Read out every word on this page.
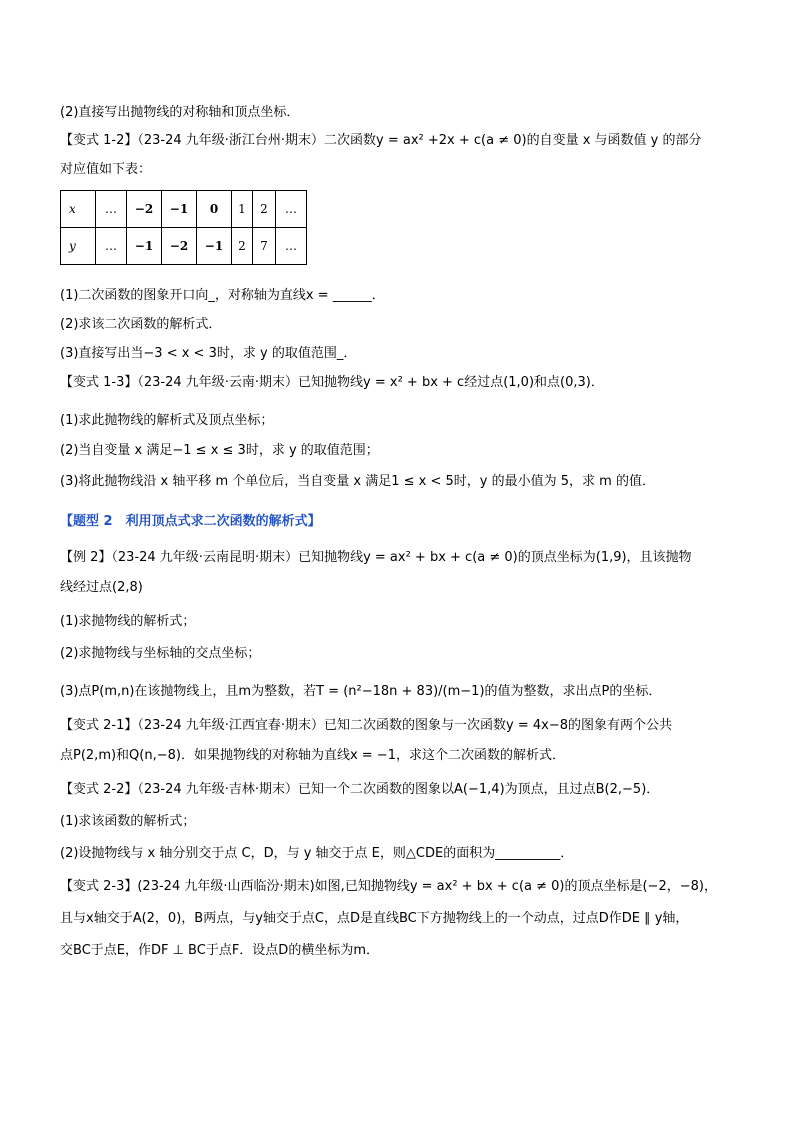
(2)直接写出抛物线的对称轴和顶点坐标．
【变式 1-2】（23-24 九年级·浙江台州·期末）二次函数y = ax² +2x + c(a ≠ 0)的自变量 x 与函数值 y 的部分
对应值如下表：
x	…	−2	−1	0	1	2	…
y	…	−1	−2	−1	2	7	…
(1)二次函数的图象开口向_，对称轴为直线x = ______．
(2)求该二次函数的解析式．
(3)直接写出当−3 < x < 3时，求 y 的取值范围_．
【变式 1-3】（23-24 九年级·云南·期末）已知抛物线y = x² + bx + c经过点(1,0)和点(0,3)．
(1)求此抛物线的解析式及顶点坐标；
(2)当自变量 x 满足−1 ≤ x ≤ 3时，求 y 的取值范围；
(3)将此抛物线沿 x 轴平移 m 个单位后，当自变量 x 满足1 ≤ x < 5时，y 的最小值为 5，求 m 的值．
【题型 2　利用顶点式求二次函数的解析式】
【例 2】（23-24 九年级·云南昆明·期末）已知抛物线y = ax² + bx + c(a ≠ 0)的顶点坐标为(1,9)，且该抛物
线经过点(2,8)
(1)求抛物线的解析式；
(2)求抛物线与坐标轴的交点坐标；
(3)点P(m,n)在该抛物线上，且m为整数，若T = (n²−18n + 83)/(m−1)的值为整数，求出点P的坐标．
【变式 2-1】（23-24 九年级·江西宜春·期末）已知二次函数的图象与一次函数y = 4x−8的图象有两个公共
点P(2,m)和Q(n,−8)．如果抛物线的对称轴为直线x = −1，求这个二次函数的解析式．
【变式 2-2】（23-24 九年级·吉林·期末）已知一个二次函数的图象以A(−1,4)为顶点，且过点B(2,−5)．
(1)求该函数的解析式；
(2)设抛物线与 x 轴分别交于点 C，D，与 y 轴交于点 E，则△CDE的面积为__________．
【变式 2-3】(23-24 九年级·山西临汾·期末)如图,已知抛物线y = ax² + bx + c(a ≠ 0)的顶点坐标是(−2，−8)，
且与x轴交于A(2，0)，B两点，与y轴交于点C，点D是直线BC下方抛物线上的一个动点，过点D作DE ∥ y轴，
交BC于点E，作DF ⊥ BC于点F．设点D的横坐标为m．
